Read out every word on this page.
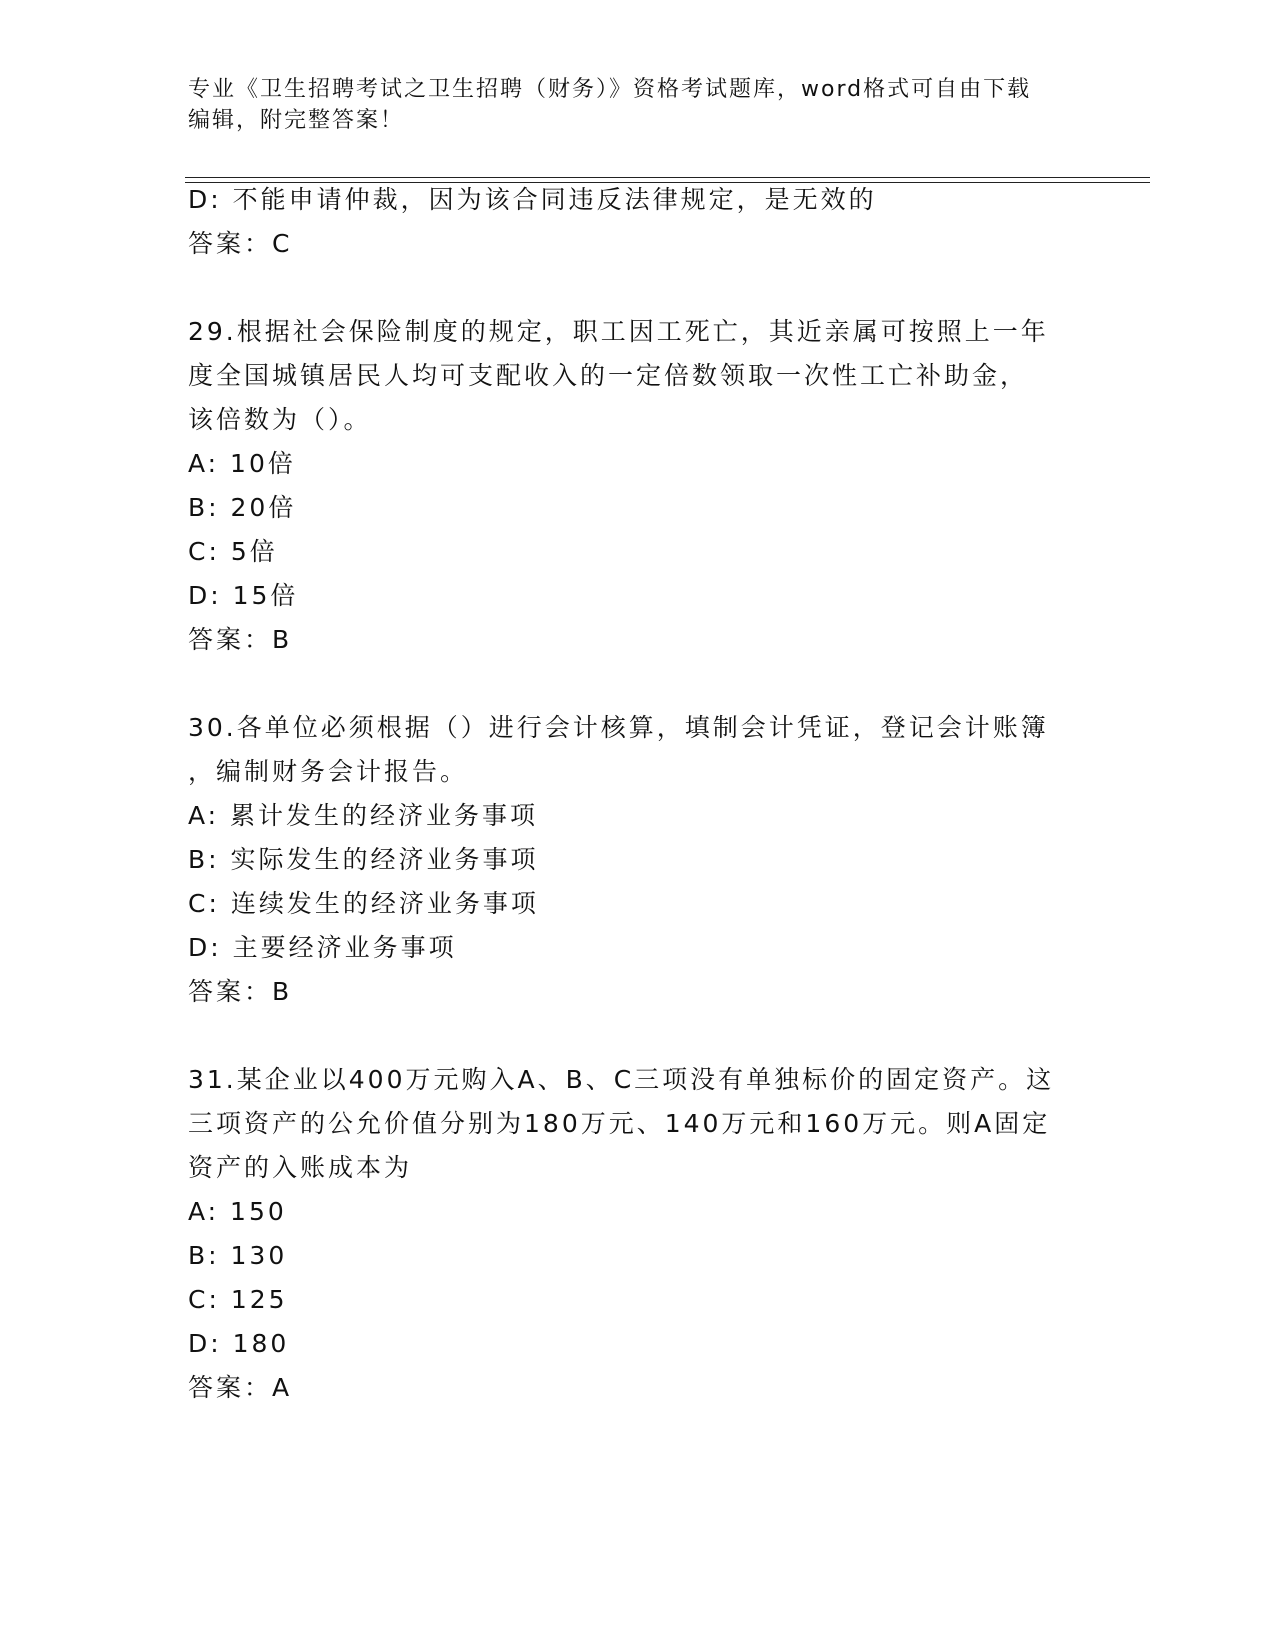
专业《卫生招聘考试之卫生招聘（财务）》资格考试题库，word格式可自由下载
编辑，附完整答案！
D: 不能申请仲裁，因为该合同违反法律规定，是无效的
答案：C
29.根据社会保险制度的规定，职工因工死亡，其近亲属可按照上一年
度全国城镇居民人均可支配收入的一定倍数领取一次性工亡补助金，
该倍数为（）。
A: 10倍
B: 20倍
C: 5倍
D: 15倍
答案：B
30.各单位必须根据（）进行会计核算，填制会计凭证，登记会计账簿
，编制财务会计报告。
A: 累计发生的经济业务事项
B: 实际发生的经济业务事项
C: 连续发生的经济业务事项
D: 主要经济业务事项
答案：B
31.某企业以400万元购入A、B、C三项没有单独标价的固定资产。这
三项资产的公允价值分别为180万元、140万元和160万元。则A固定
资产的入账成本为
A: 150
B: 130
C: 125
D: 180
答案：A
